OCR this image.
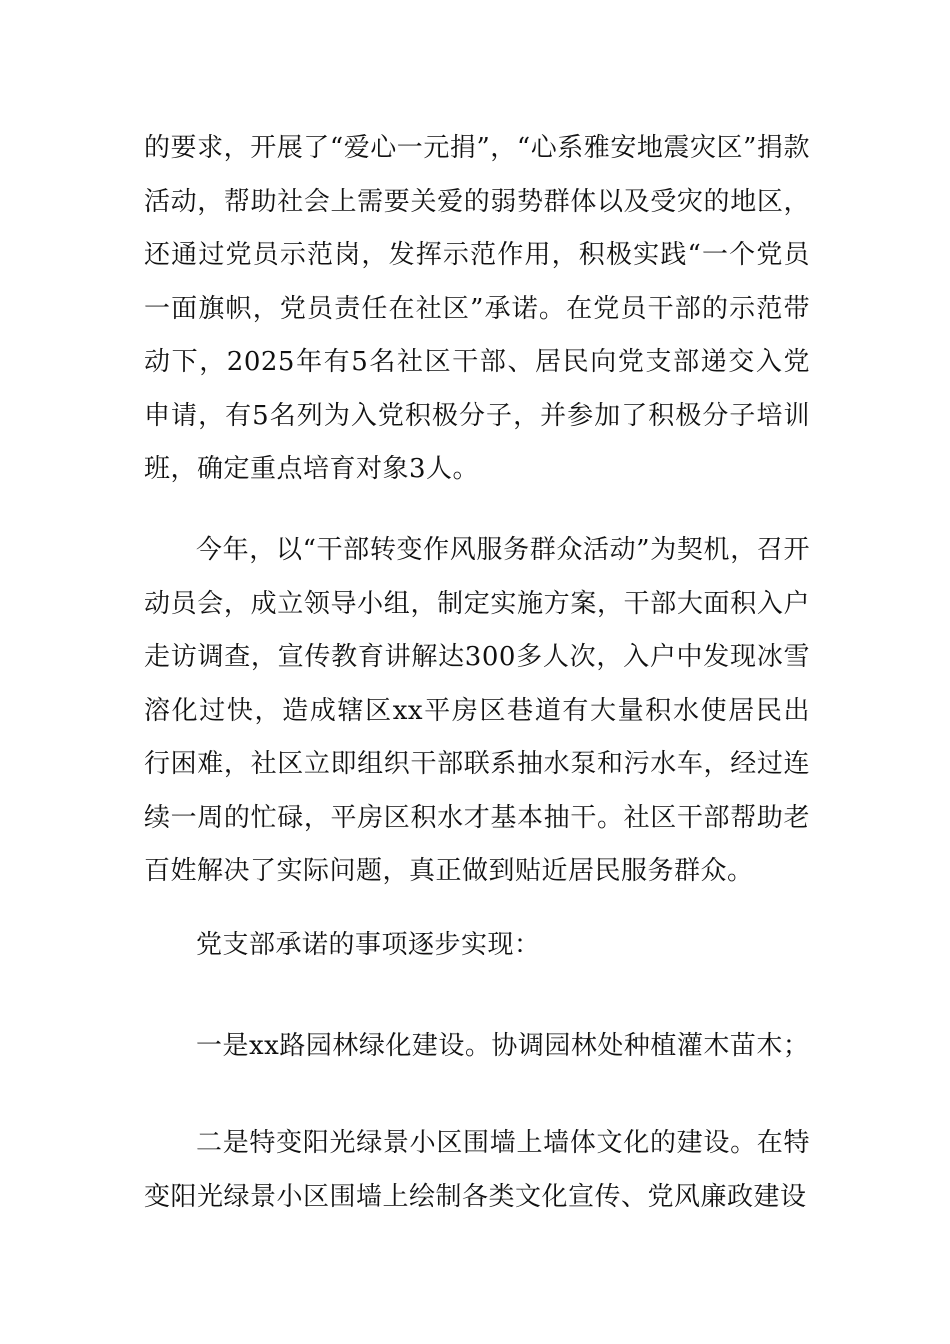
的要求，开展了“爱心一元捐”，“心系雅安地震灾区”捐款活动，帮助社会上需要关爱的弱势群体以及受灾的地区，还通过党员示范岗，发挥示范作用，积极实践“一个党员一面旗帜，党员责任在社区”承诺。在党员干部的示范带动下，2025年有5名社区干部、居民向党支部递交入党申请，有5名列为入党积极分子，并参加了积极分子培训班，确定重点培育对象3人。

今年，以“干部转变作风服务群众活动”为契机，召开动员会，成立领导小组，制定实施方案，干部大面积入户走访调查，宣传教育讲解达300多人次，入户中发现冰雪溶化过快，造成辖区xx平房区巷道有大量积水使居民出行困难，社区立即组织干部联系抽水泵和污水车，经过连续一周的忙碌，平房区积水才基本抽干。社区干部帮助老百姓解决了实际问题，真正做到贴近居民服务群众。

党支部承诺的事项逐步实现：

一是xx路园林绿化建设。协调园林处种植灌木苗木；

二是特变阳光绿景小区围墙上墙体文化的建设。在特变阳光绿景小区围墙上绘制各类文化宣传、党风廉政建设
